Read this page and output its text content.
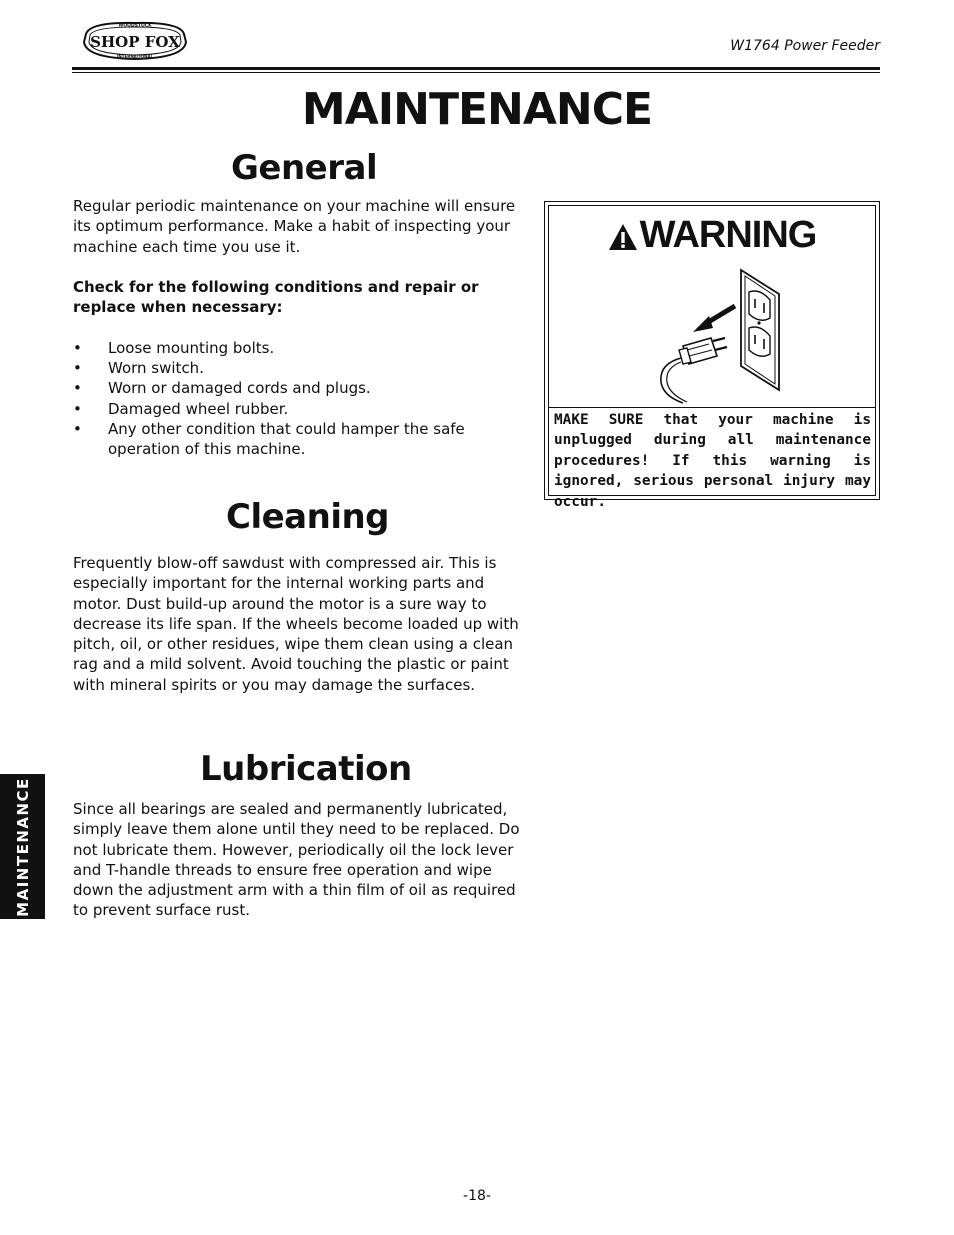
WOODSTOCK
SHOP FOX
INTERNATIONAL
W1764 Power Feeder
MAINTENANCE
General
Regular periodic maintenance on your machine will ensure its optimum performance. Make a habit of inspecting your machine each time you use it.
Check for the following conditions and repair or replace when necessary:
• Loose mounting bolts.
• Worn switch.
• Worn or damaged cords and plugs.
• Damaged wheel rubber.
• Any other condition that could hamper the safe operation of this machine.
WARNING
MAKE SURE that your machine is unplugged during all maintenance procedures! If this warning is ignored, serious personal injury may occur.
Cleaning
Frequently blow-off sawdust with compressed air. This is especially important for the internal working parts and motor. Dust build-up around the motor is a sure way to decrease its life span. If the wheels become loaded up with pitch, oil, or other residues, wipe them clean using a clean rag and a mild solvent. Avoid touching the plastic or paint with mineral spirits or you may damage the surfaces.
Lubrication
Since all bearings are sealed and permanently lubricated, simply leave them alone until they need to be replaced. Do not lubricate them. However, periodically oil the lock lever and T-handle threads to ensure free operation and wipe down the adjustment arm with a thin film of oil as required to prevent surface rust.
MAINTENANCE
-18-
